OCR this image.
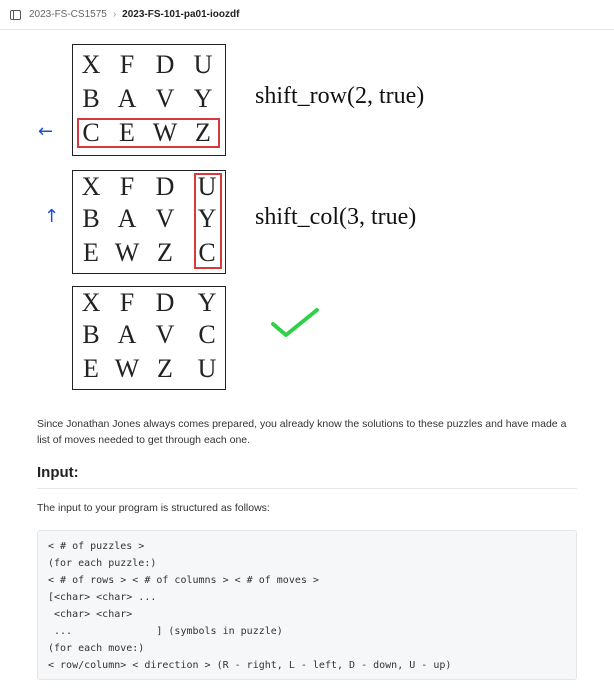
2023-FS-CS1575 › 2023-FS-101-pa01-ioozdf
←
X F D U
B A V Y
C E W Z
shift_row(2, true)
↑
X F D U
B A V Y
E W Z C
shift_col(3, true)
X F D Y
B A V C
E W Z U

Since Jonathan Jones always comes prepared, you already know the solutions to these puzzles and have made a list of moves needed to get through each one.

Input:

The input to your program is structured as follows:

< # of puzzles >
(for each puzzle:)
< # of rows > < # of columns > < # of moves >
[<char> <char> ...
<char> <char>
...              ] (symbols in puzzle)
(for each move:)
< row/column> < direction > (R - right, L - left, D - down, U - up)
